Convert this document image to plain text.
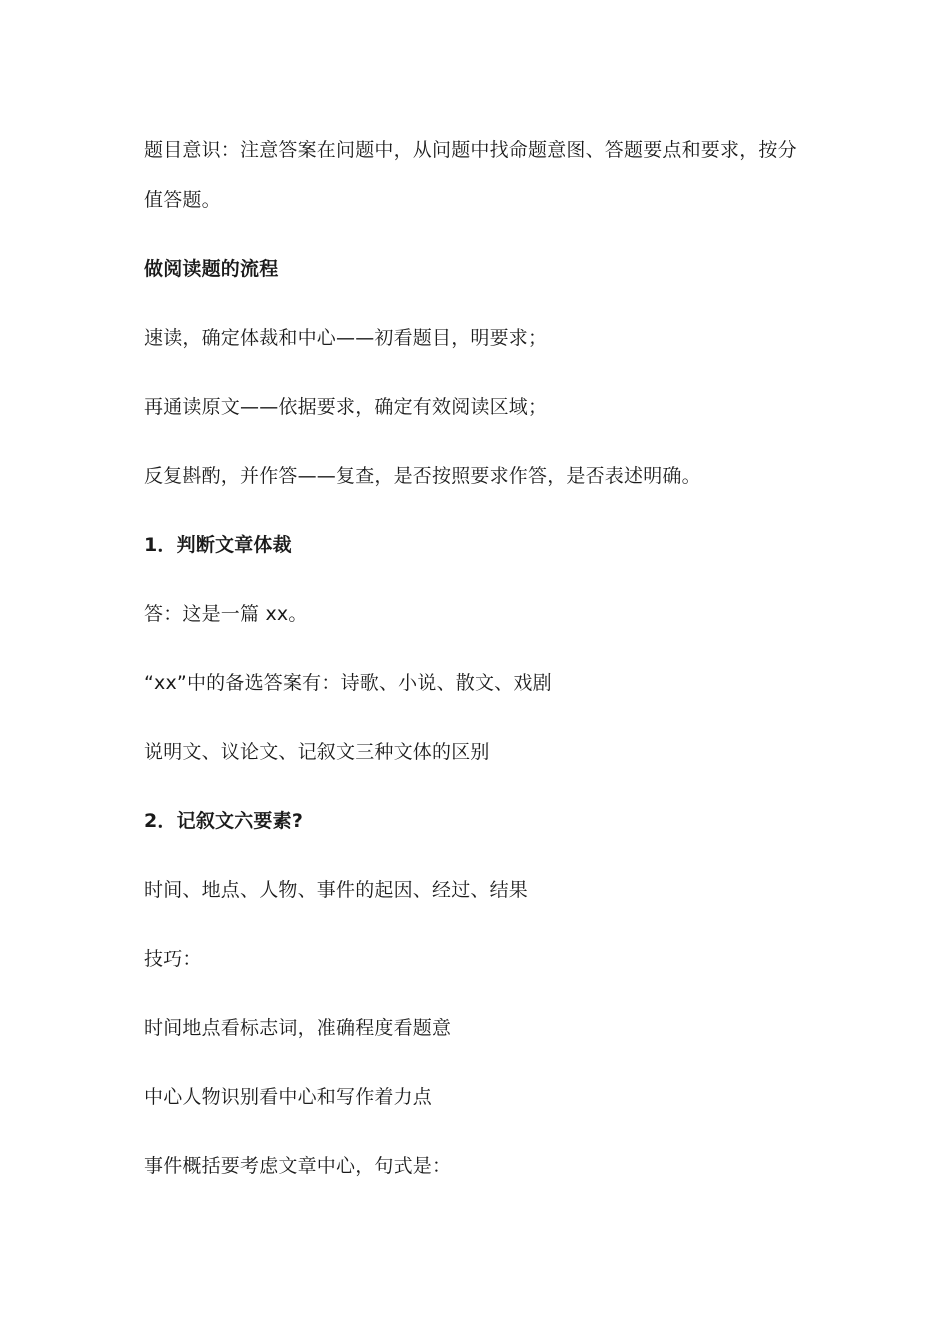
题目意识：注意答案在问题中，从问题中找命题意图、答题要点和要求，按分
值答题。
做阅读题的流程
速读，确定体裁和中心——初看题目，明要求；
再通读原文——依据要求，确定有效阅读区域；
反复斟酌，并作答——复查，是否按照要求作答，是否表述明确。
1．判断文章体裁
答：这是一篇 xx。
“xx”中的备选答案有：诗歌、小说、散文、戏剧
说明文、议论文、记叙文三种文体的区别
2．记叙文六要素?
时间、地点、人物、事件的起因、经过、结果
技巧：
时间地点看标志词，准确程度看题意
中心人物识别看中心和写作着力点
事件概括要考虑文章中心，句式是：
